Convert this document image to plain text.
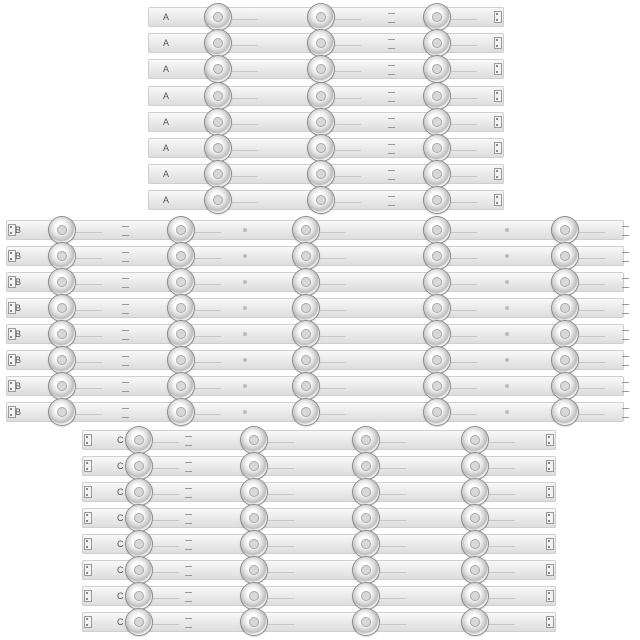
A
A
A
A
A
A
A
A
B
B
B
B
B
B
B
B
C
C
C
C
C
C
C
C
